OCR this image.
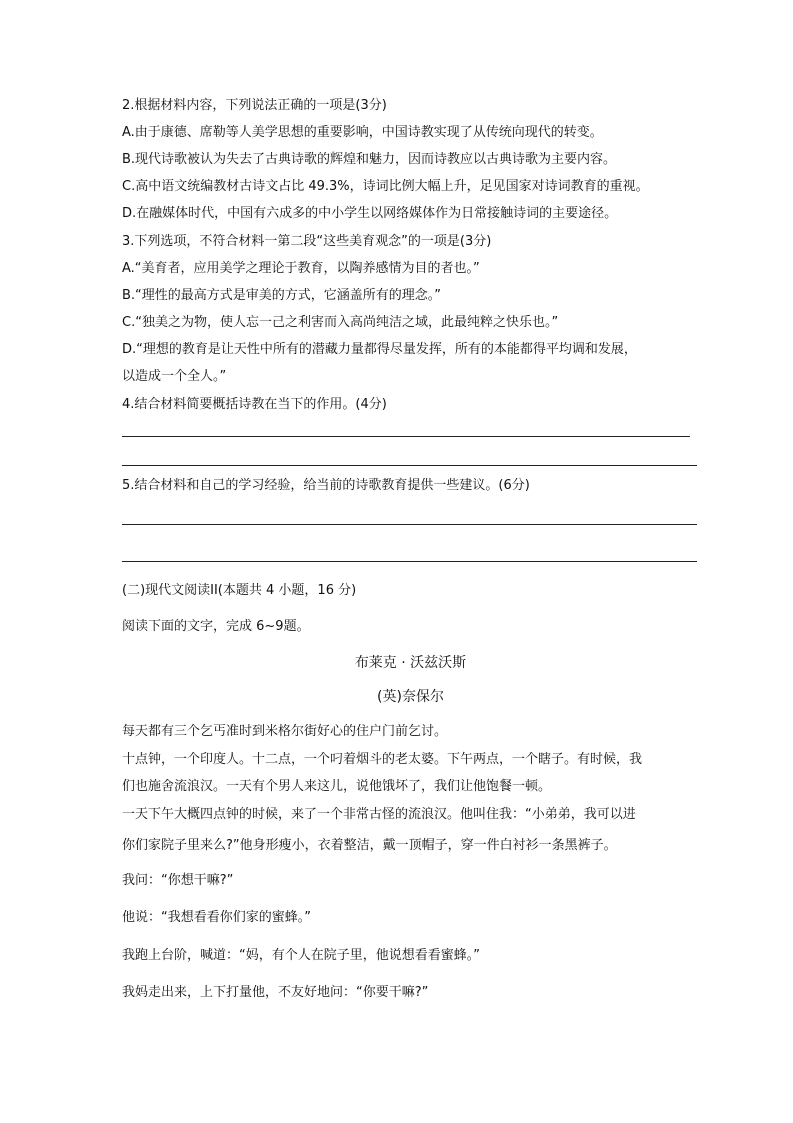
2.根据材料内容，下列说法正确的一项是(3分)
A.由于康德、席勒等人美学思想的重要影响，中国诗教实现了从传统向现代的转变。
B.现代诗歌被认为失去了古典诗歌的辉煌和魅力，因而诗教应以古典诗歌为主要内容。
C.高中语文统编教材古诗文占比 49.3%，诗词比例大幅上升，足见国家对诗词教育的重视。
D.在融媒体时代，中国有六成多的中小学生以网络媒体作为日常接触诗词的主要途径。
3.下列选项，不符合材料一第二段“这些美育观念”的一项是(3分)
A.“美育者，应用美学之理论于教育，以陶养感情为目的者也。”
B.“理性的最高方式是审美的方式，它涵盖所有的理念。”
C.“独美之为物，使人忘一己之利害而入高尚纯洁之域，此最纯粹之快乐也。”
D.“理想的教育是让天性中所有的潜藏力量都得尽量发挥，所有的本能都得平均调和发展，
以造成一个全人。”
4.结合材料简要概括诗教在当下的作用。(4分)
5.结合材料和自己的学习经验，给当前的诗歌教育提供一些建议。(6分)
(二)现代文阅读II(本题共 4 小题，16 分)
阅读下面的文字，完成 6~9题。
布莱克 · 沃兹沃斯
(英)奈保尔
每天都有三个乞丐准时到米格尔街好心的住户门前乞讨。
十点钟，一个印度人。十二点，一个叼着烟斗的老太婆。下午两点，一个瞎子。有时候，我
们也施舍流浪汉。一天有个男人来这儿，说他饿坏了，我们让他饱餐一顿。
一天下午大概四点钟的时候，来了一个非常古怪的流浪汉。他叫住我：“小弟弟，我可以进
你们家院子里来么?”他身形瘦小，衣着整洁，戴一顶帽子，穿一件白衬衫一条黑裤子。
我问：“你想干嘛?”
他说：“我想看看你们家的蜜蜂。”
我跑上台阶，喊道：“妈，有个人在院子里，他说想看看蜜蜂。”
我妈走出来，上下打量他，不友好地问：“你要干嘛?”
